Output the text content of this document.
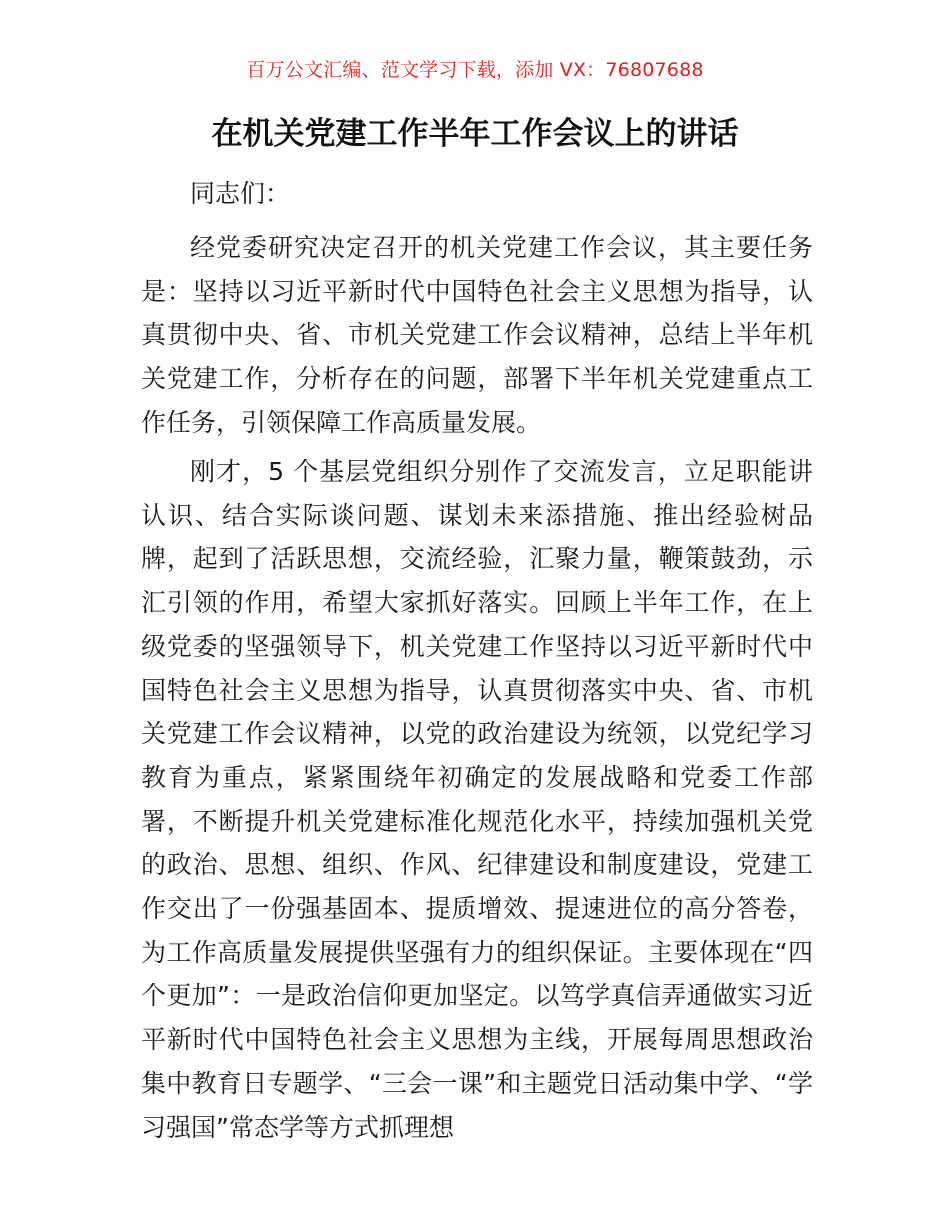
百万公文汇编、范文学习下载，添加 VX：76807688
在机关党建工作半年工作会议上的讲话

同志们：

经党委研究决定召开的机关党建工作会议，其主要任务是：坚持以习近平新时代中国特色社会主义思想为指导，认真贯彻中央、省、市机关党建工作会议精神，总结上半年机关党建工作，分析存在的问题，部署下半年机关党建重点工作任务，引领保障工作高质量发展。

刚才，5 个基层党组织分别作了交流发言，立足职能讲认识、结合实际谈问题、谋划未来添措施、推出经验树品牌，起到了活跃思想，交流经验，汇聚力量，鞭策鼓劲，示汇引领的作用，希望大家抓好落实。回顾上半年工作，在上级党委的坚强领导下，机关党建工作坚持以习近平新时代中国特色社会主义思想为指导，认真贯彻落实中央、省、市机关党建工作会议精神，以党的政治建设为统领，以党纪学习教育为重点，紧紧围绕年初确定的发展战略和党委工作部署，不断提升机关党建标准化规范化水平，持续加强机关党的政治、思想、组织、作风、纪律建设和制度建设，党建工作交出了一份强基固本、提质增效、提速进位的高分答卷，为工作高质量发展提供坚强有力的组织保证。主要体现在“四个更加”：一是政治信仰更加坚定。以笃学真信弄通做实习近平新时代中国特色社会主义思想为主线，开展每周思想政治集中教育日专题学、“三会一课”和主题党日活动集中学、“学习强国”常态学等方式抓理想
